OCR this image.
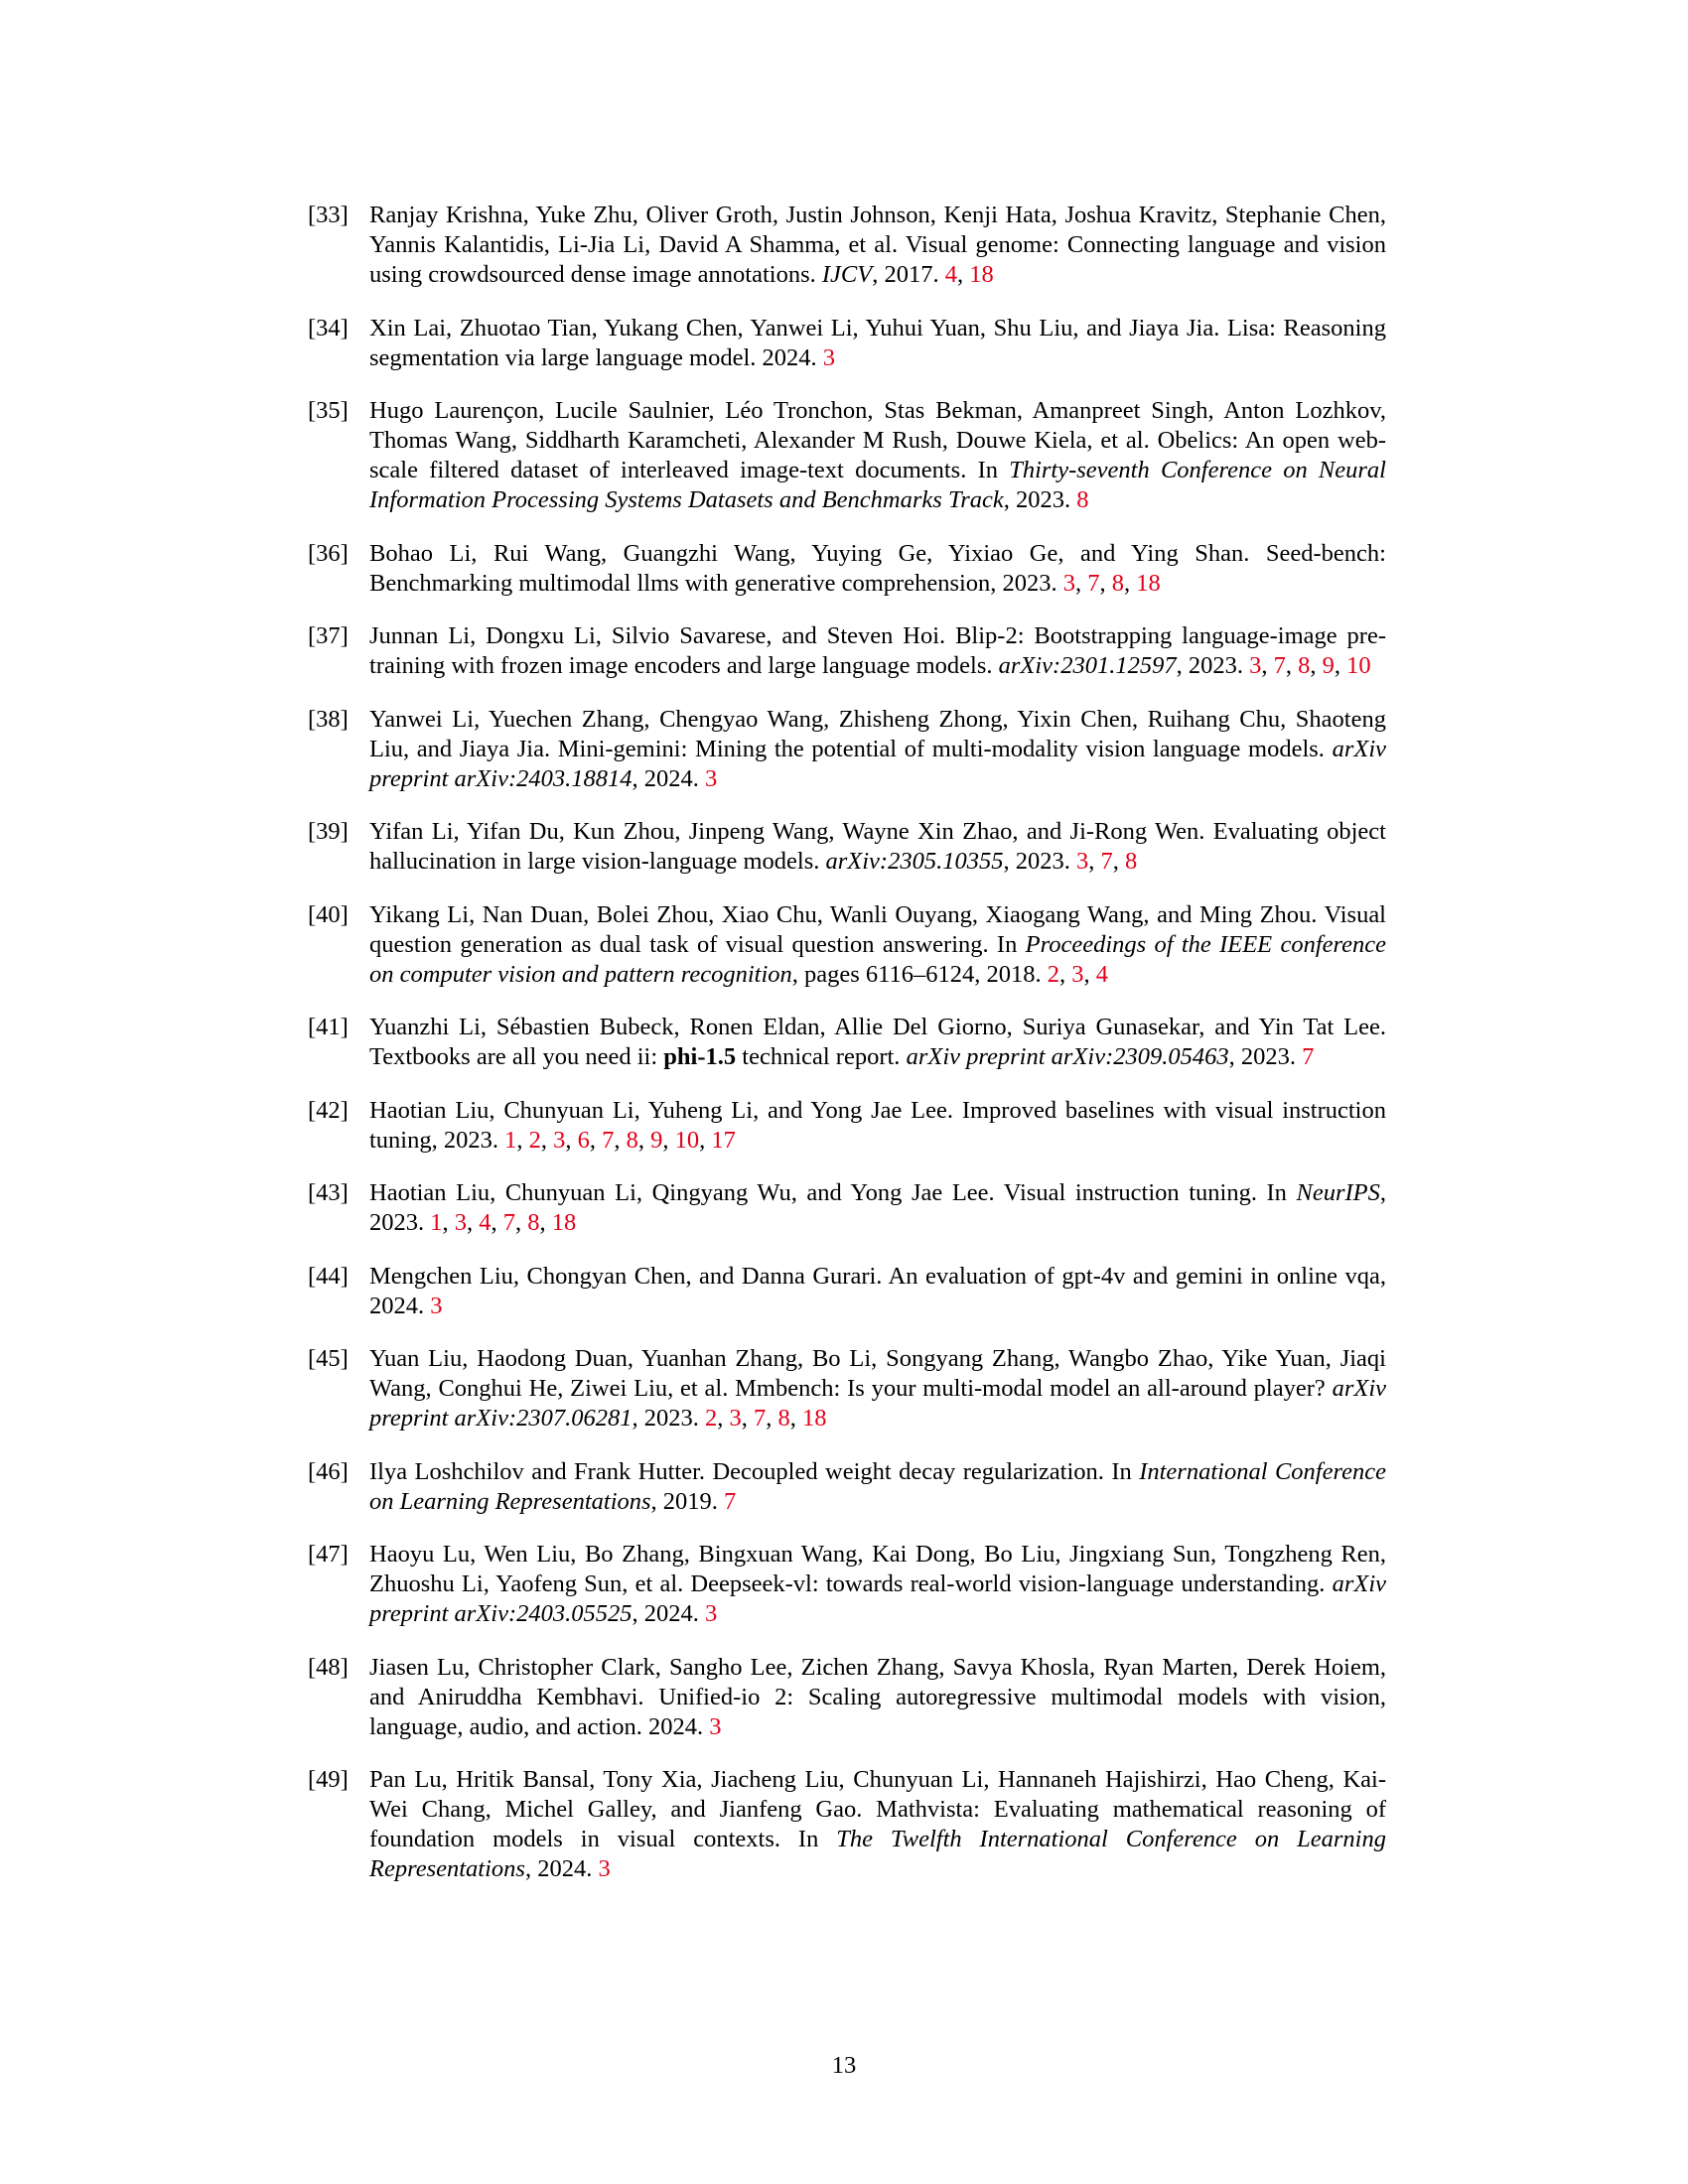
[33] Ranjay Krishna, Yuke Zhu, Oliver Groth, Justin Johnson, Kenji Hata, Joshua Kravitz, Stephanie Chen, Yannis Kalantidis, Li-Jia Li, David A Shamma, et al. Visual genome: Connecting language and vision using crowdsourced dense image annotations. IJCV, 2017. 4, 18
[34] Xin Lai, Zhuotao Tian, Yukang Chen, Yanwei Li, Yuhui Yuan, Shu Liu, and Jiaya Jia. Lisa: Reasoning segmentation via large language model. 2024. 3
[35] Hugo Laurençon, Lucile Saulnier, Léo Tronchon, Stas Bekman, Amanpreet Singh, Anton Lozhkov, Thomas Wang, Siddharth Karamcheti, Alexander M Rush, Douwe Kiela, et al. Obelics: An open web-scale filtered dataset of interleaved image-text documents. In Thirty-seventh Conference on Neural Information Processing Systems Datasets and Benchmarks Track, 2023. 8
[36] Bohao Li, Rui Wang, Guangzhi Wang, Yuying Ge, Yixiao Ge, and Ying Shan. Seed-bench: Benchmarking multimodal llms with generative comprehension, 2023. 3, 7, 8, 18
[37] Junnan Li, Dongxu Li, Silvio Savarese, and Steven Hoi. Blip-2: Bootstrapping language-image pre-training with frozen image encoders and large language models. arXiv:2301.12597, 2023. 3, 7, 8, 9, 10
[38] Yanwei Li, Yuechen Zhang, Chengyao Wang, Zhisheng Zhong, Yixin Chen, Ruihang Chu, Shaoteng Liu, and Jiaya Jia. Mini-gemini: Mining the potential of multi-modality vision language models. arXiv preprint arXiv:2403.18814, 2024. 3
[39] Yifan Li, Yifan Du, Kun Zhou, Jinpeng Wang, Wayne Xin Zhao, and Ji-Rong Wen. Evaluating object hallucination in large vision-language models. arXiv:2305.10355, 2023. 3, 7, 8
[40] Yikang Li, Nan Duan, Bolei Zhou, Xiao Chu, Wanli Ouyang, Xiaogang Wang, and Ming Zhou. Visual question generation as dual task of visual question answering. In Proceedings of the IEEE conference on computer vision and pattern recognition, pages 6116–6124, 2018. 2, 3, 4
[41] Yuanzhi Li, Sébastien Bubeck, Ronen Eldan, Allie Del Giorno, Suriya Gunasekar, and Yin Tat Lee. Textbooks are all you need ii: phi-1.5 technical report. arXiv preprint arXiv:2309.05463, 2023. 7
[42] Haotian Liu, Chunyuan Li, Yuheng Li, and Yong Jae Lee. Improved baselines with visual instruction tuning, 2023. 1, 2, 3, 6, 7, 8, 9, 10, 17
[43] Haotian Liu, Chunyuan Li, Qingyang Wu, and Yong Jae Lee. Visual instruction tuning. In NeurIPS, 2023. 1, 3, 4, 7, 8, 18
[44] Mengchen Liu, Chongyan Chen, and Danna Gurari. An evaluation of gpt-4v and gemini in online vqa, 2024. 3
[45] Yuan Liu, Haodong Duan, Yuanhan Zhang, Bo Li, Songyang Zhang, Wangbo Zhao, Yike Yuan, Jiaqi Wang, Conghui He, Ziwei Liu, et al. Mmbench: Is your multi-modal model an all-around player? arXiv preprint arXiv:2307.06281, 2023. 2, 3, 7, 8, 18
[46] Ilya Loshchilov and Frank Hutter. Decoupled weight decay regularization. In International Conference on Learning Representations, 2019. 7
[47] Haoyu Lu, Wen Liu, Bo Zhang, Bingxuan Wang, Kai Dong, Bo Liu, Jingxiang Sun, Tongzheng Ren, Zhuoshu Li, Yaofeng Sun, et al. Deepseek-vl: towards real-world vision-language understanding. arXiv preprint arXiv:2403.05525, 2024. 3
[48] Jiasen Lu, Christopher Clark, Sangho Lee, Zichen Zhang, Savya Khosla, Ryan Marten, Derek Hoiem, and Aniruddha Kembhavi. Unified-io 2: Scaling autoregressive multimodal models with vision, language, audio, and action. 2024. 3
[49] Pan Lu, Hritik Bansal, Tony Xia, Jiacheng Liu, Chunyuan Li, Hannaneh Hajishirzi, Hao Cheng, Kai-Wei Chang, Michel Galley, and Jianfeng Gao. Mathvista: Evaluating mathematical reasoning of foundation models in visual contexts. In The Twelfth International Conference on Learning Representations, 2024. 3
13
